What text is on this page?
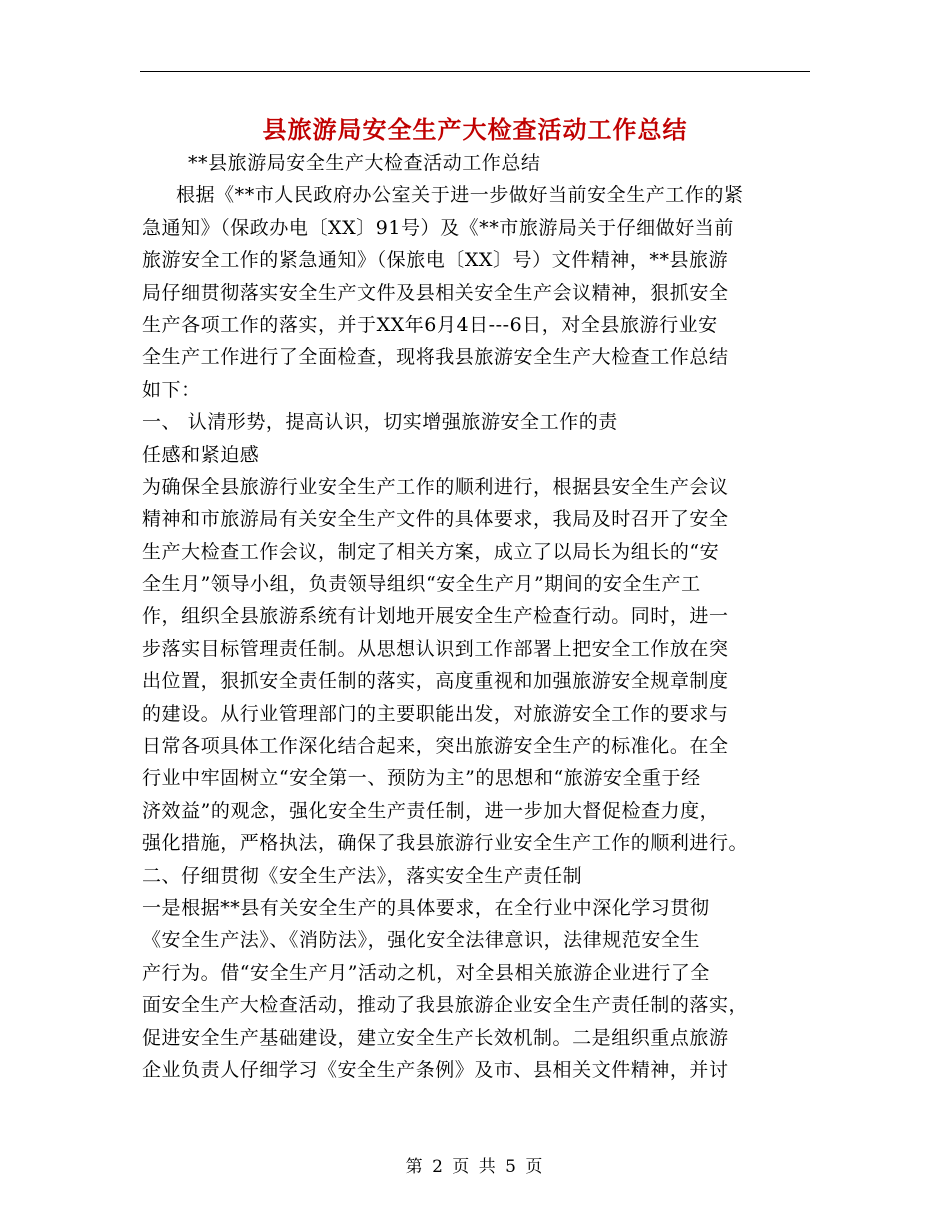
县旅游局安全生产大检查活动工作总结
**县旅游局安全生产大检查活动工作总结
根据《**市人民政府办公室关于进一步做好当前安全生产工作的紧
急通知》（保政办电〔XX〕91号）及《**市旅游局关于仔细做好当前
旅游安全工作的紧急通知》（保旅电〔XX〕号）文件精神，**县旅游
局仔细贯彻落实安全生产文件及县相关安全生产会议精神，狠抓安全
生产各项工作的落实，并于XX年6月4日---6日，对全县旅游行业安
全生产工作进行了全面检查，现将我县旅游安全生产大检查工作总结
如下：
一、 认清形势，提高认识，切实增强旅游安全工作的责
任感和紧迫感
为确保全县旅游行业安全生产工作的顺利进行，根据县安全生产会议
精神和市旅游局有关安全生产文件的具体要求，我局及时召开了安全
生产大检查工作会议，制定了相关方案，成立了以局长为组长的“安
全生月”领导小组，负责领导组织“安全生产月”期间的安全生产工
作，组织全县旅游系统有计划地开展安全生产检查行动。同时，进一
步落实目标管理责任制。从思想认识到工作部署上把安全工作放在突
出位置，狠抓安全责任制的落实，高度重视和加强旅游安全规章制度
的建设。从行业管理部门的主要职能出发，对旅游安全工作的要求与
日常各项具体工作深化结合起来，突出旅游安全生产的标准化。在全
行业中牢固树立“安全第一、预防为主”的思想和“旅游安全重于经
济效益”的观念，强化安全生产责任制，进一步加大督促检查力度，
强化措施，严格执法，确保了我县旅游行业安全生产工作的顺利进行。
二、仔细贯彻《安全生产法》，落实安全生产责任制
一是根据**县有关安全生产的具体要求，在全行业中深化学习贯彻
《安全生产法》、《消防法》，强化安全法律意识，法律规范安全生
产行为。借“安全生产月”活动之机，对全县相关旅游企业进行了全
面安全生产大检查活动，推动了我县旅游企业安全生产责任制的落实，
促进安全生产基础建设，建立安全生产长效机制。二是组织重点旅游
企业负责人仔细学习《安全生产条例》及市、县相关文件精神，并讨
第 2 页 共 5 页
